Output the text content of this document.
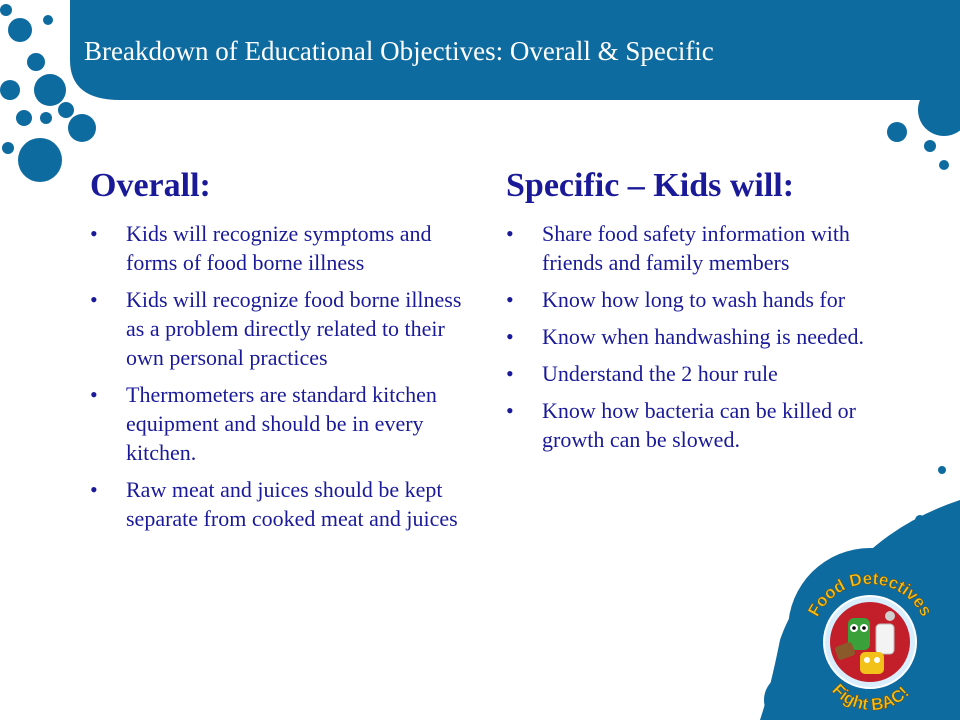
Breakdown of Educational Objectives: Overall & Specific
Overall:
•	Kids will recognize symptoms and forms of food borne illness
•	Kids will recognize food borne illness as a problem directly related to their own personal practices
•	Thermometers are standard kitchen equipment and should be in every kitchen.
•	Raw meat and juices should be kept separate from cooked meat and juices
Specific – Kids will:
•	Share food safety information with friends and family members
•	Know how long to wash hands for
•	Know when handwashing is needed.
•	Understand the 2 hour rule
•	Know how bacteria can be killed or growth can be slowed.
Food Detectives
Fight BAC!
